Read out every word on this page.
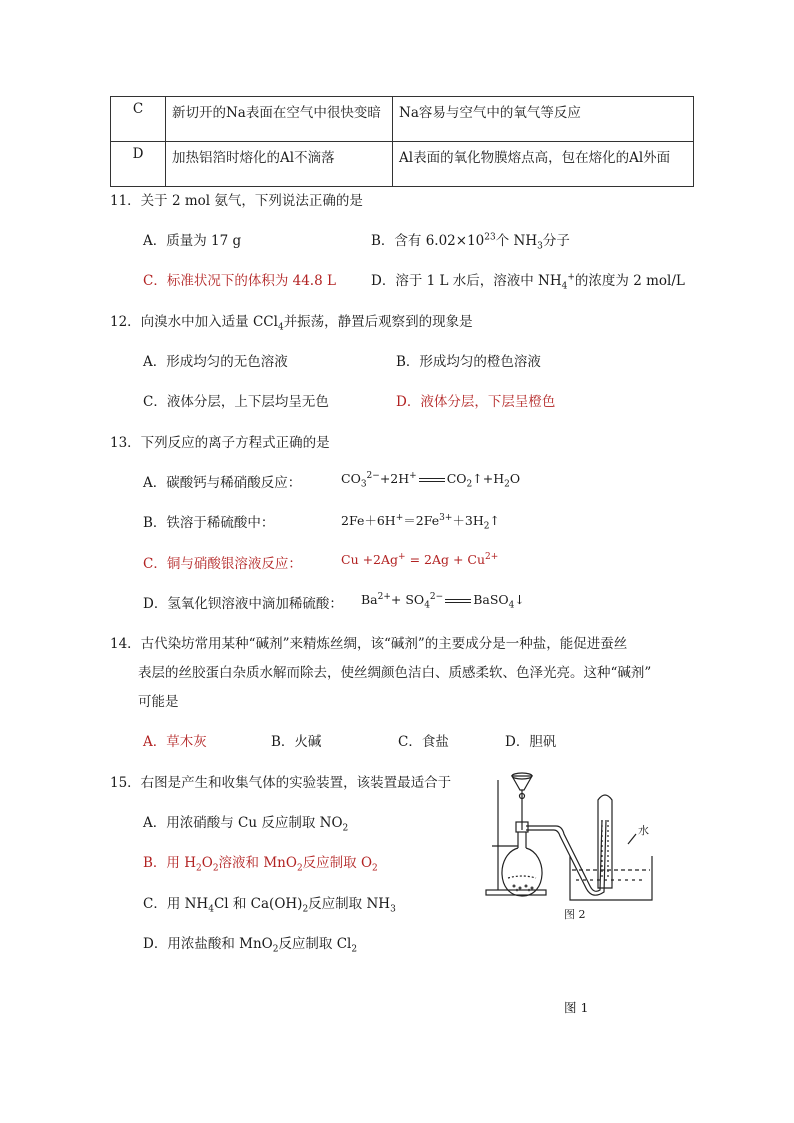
C	新切开的Na表面在空气中很快变暗	Na容易与空气中的氧气等反应
D	加热铝箔时熔化的Al不滴落	Al表面的氧化物膜熔点高，包在熔化的Al外面
11．关于 2 mol 氨气，下列说法正确的是
A．质量为 17 g	B．含有 $6.02\times 10^{23}$个 $NH_3$分子
C．标准状况下的体积为 44.8 L	D．溶于 1 L 水后，溶液中 $NH_4^+$的浓度为 2 mol/L
12．向溴水中加入适量 CCl$_4$并振荡，静置后观察到的现象是
A．形成均匀的无色溶液	B．形成均匀的橙色溶液
C．液体分层，上下层均呈无色	D．液体分层，下层呈橙色
13．下列反应的离子方程式正确的是
A．碳酸钙与稀硝酸反应：	$CO_3^{2-}+2H^+$ $CO_2↑+H_2O$
B．铁溶于稀硫酸中：	$2Fe+6H^+=2Fe^{3+}+3H_2↑$
C．铜与硝酸银溶液反应：	$Cu +2Ag^+ = 2Ag + Cu^{2+}$
D．氢氧化钡溶液中滴加稀硫酸： $Ba^{2+}+ SO_4^{2-}$ BaSO$_4$↓
14．古代染坊常用某种“碱剂”来精炼丝绸，该“碱剂”的主要成分是一种盐，能促进蚕丝
表层的丝胶蛋白杂质水解而除去，使丝绸颜色洁白、质感柔软、色泽光亮。这种“碱剂”
可能是
A．草木灰	B．火碱	C．食盐	D．胆矾
15．右图是产生和收集气体的实验装置，该装置最适合于
A．用浓硝酸与 Cu 反应制取 $NO_2$
B．用 $H_2O_2$溶液和 MnO$_2$反应制取 $O_2$
C．用 $NH_4Cl$ 和 $Ca(OH)_2$反应制取 $NH_3$
D．用浓盐酸和 MnO$_2$反应制取 $Cl_2$
水
图 2
图 1
